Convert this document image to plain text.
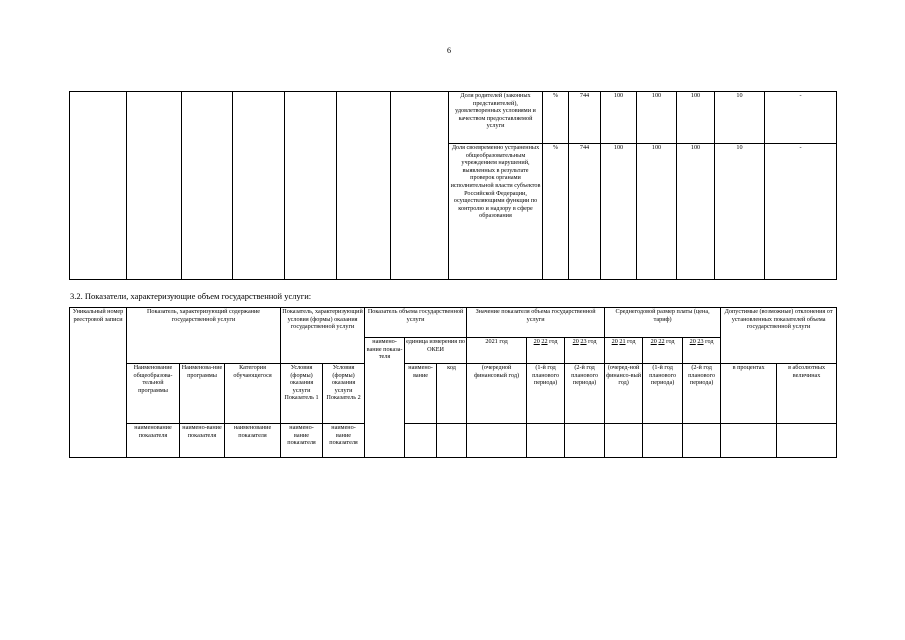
6
							Доля родителей (законных представителей), удовлетворенных условиями и качеством предоставляемой услуги	%	744	100	100	100	10	-
							Доля своевременно устраненных общеобразовательным учреждением нарушений, выявленных в результате проверок органами исполнительной власти субъектов Российской Федерации, осуществляющими функции по контролю и надзору в сфере образования	%	744	100	100	100	10	-
3.2. Показатели, характеризующие объем государственной услуги:
Уникальный номер реестровой записи	Показатель, характеризующий содержание государственной услуги			Показатель, характеризующий условия (формы) оказания государственной услуги		Показатель объема государственной услуги			Значение показателя объема государственной услуги			Среднегодовой размер платы (цена, тариф)			Допустимые (возможные) отклонения от установленных показателей объема государственной услуги	
						наимено-вание показа-теля	единица измерения по ОКЕИ		2021 год	20 22 год	20 23 год	20 21 год	20 22 год	20 23 год		
	Наименование общеобразова-тельной программы	Наименова-ние программы	Категория обучающегося	Условия (формы) оказания услуги Показатель 1	Условия (формы) оказания услуги Показатель 2		наимено-вание	код	(очередной финансовый год)	(1-й год планового периода)	(2-й год планового периода)	(очеред-ной финансо-вый год)	(1-й год планового периода)	(2-й год планового периода)	в процентах	в абсолютных величинах
	наименование показателя	наимено-вание показателя	наименование показателя	наимено-вание показателя	наимено-вание показателя											
